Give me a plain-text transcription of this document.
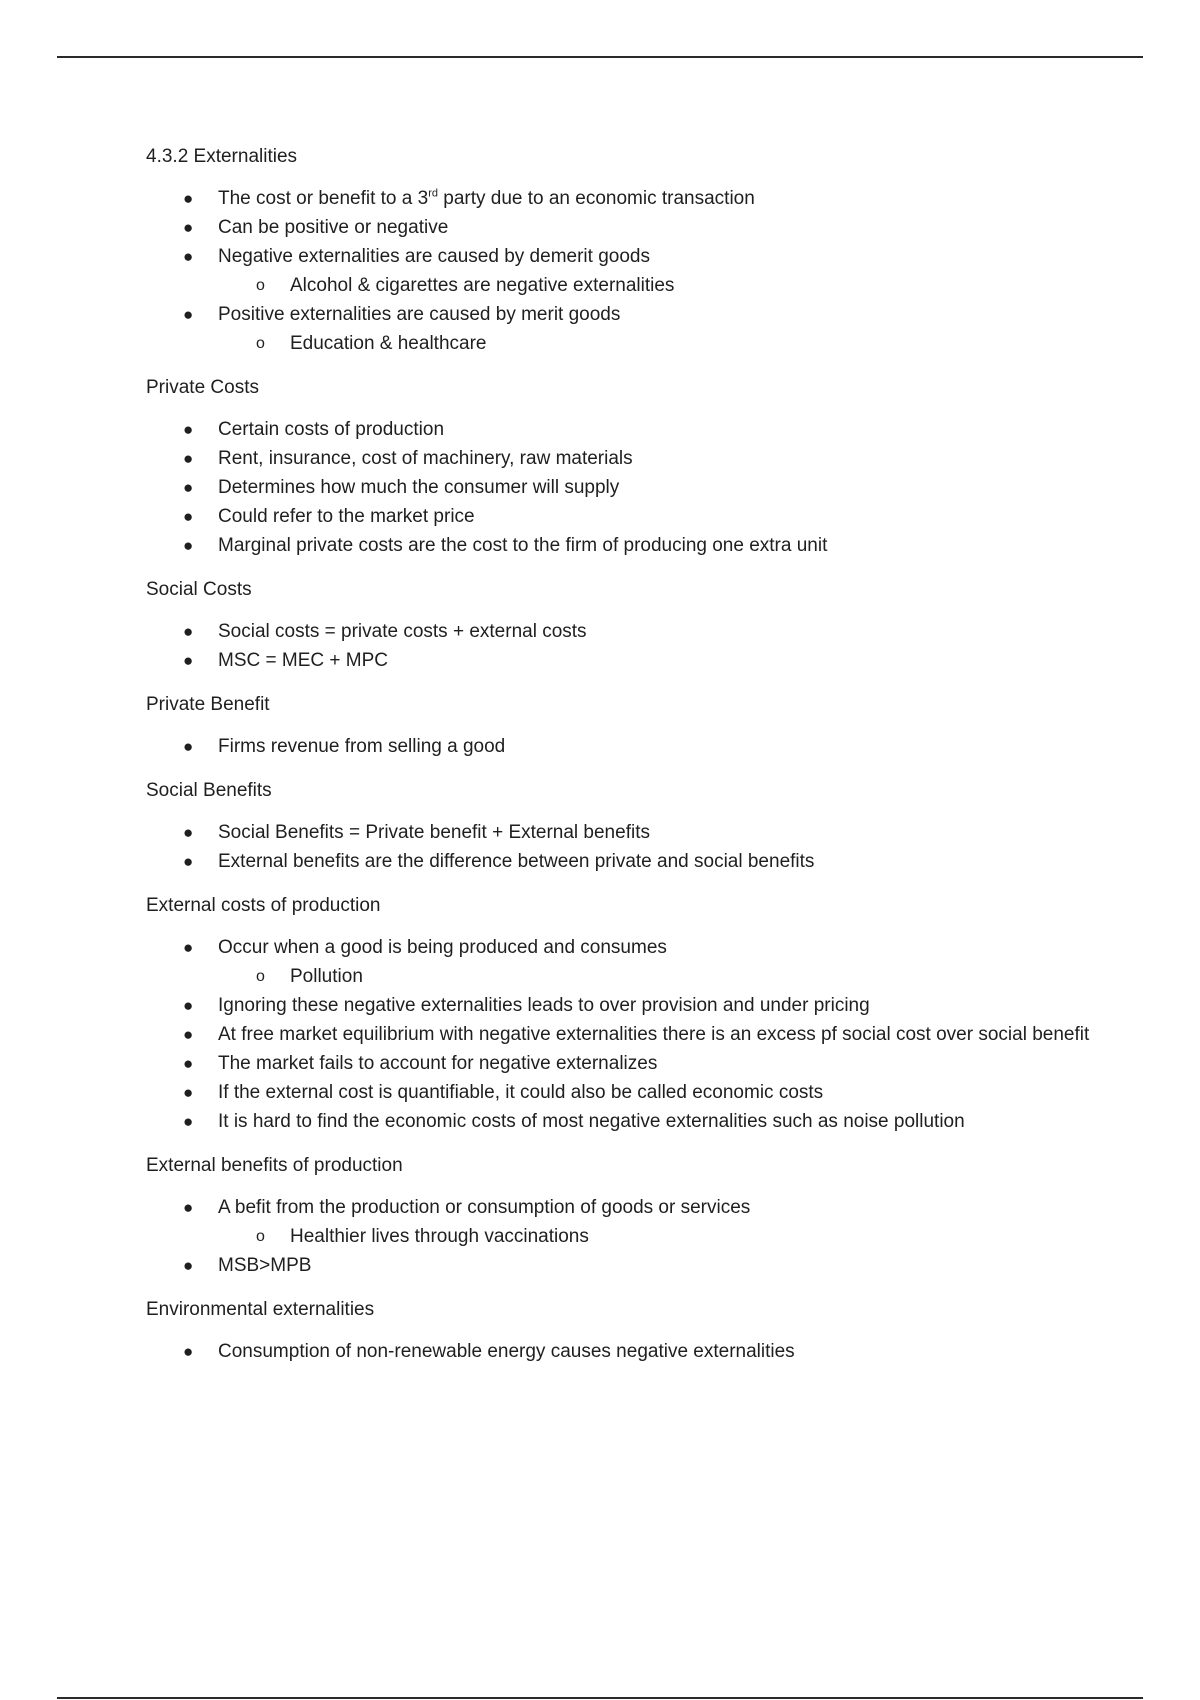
4.3.2 Externalities
● The cost or benefit to a 3rd party due to an economic transaction
● Can be positive or negative
● Negative externalities are caused by demerit goods
o Alcohol & cigarettes are negative externalities
● Positive externalities are caused by merit goods
o Education & healthcare
Private Costs
● Certain costs of production
● Rent, insurance, cost of machinery, raw materials
● Determines how much the consumer will supply
● Could refer to the market price
● Marginal private costs are the cost to the firm of producing one extra unit
Social Costs
● Social costs = private costs + external costs
● MSC = MEC + MPC
Private Benefit
● Firms revenue from selling a good
Social Benefits
● Social Benefits = Private benefit + External benefits
● External benefits are the difference between private and social benefits
External costs of production
● Occur when a good is being produced and consumes
o Pollution
● Ignoring these negative externalities leads to over provision and under pricing
● At free market equilibrium with negative externalities there is an excess pf social cost over social benefit
● The market fails to account for negative externalizes
● If the external cost is quantifiable, it could also be called economic costs
● It is hard to find the economic costs of most negative externalities such as noise pollution
External benefits of production
● A befit from the production or consumption of goods or services
o Healthier lives through vaccinations
● MSB>MPB
Environmental externalities
● Consumption of non-renewable energy causes negative externalities
